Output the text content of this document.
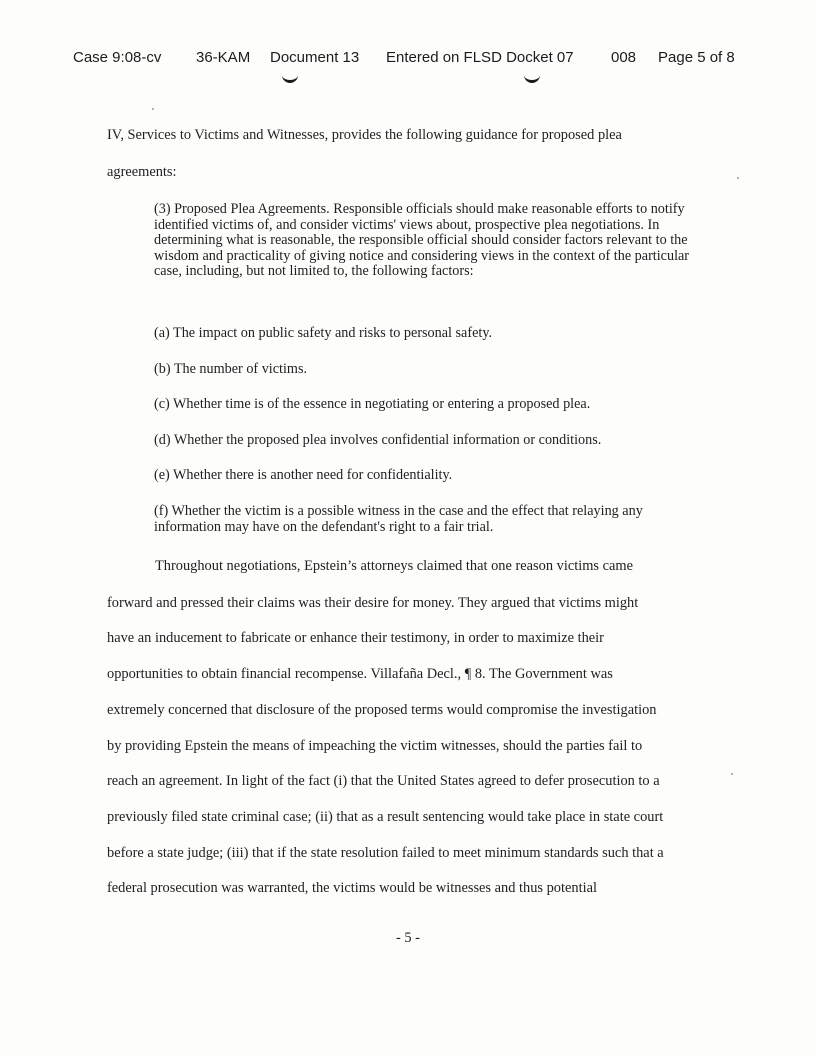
Case 9:08-cv 36-KAM Document 13 Entered on FLSD Docket 07 008 Page 5 of 8
IV, Services to Victims and Witnesses, provides the following guidance for proposed plea
agreements:
(3) Proposed Plea Agreements. Responsible officials should make reasonable efforts to notify identified victims of, and consider victims' views about, prospective plea negotiations. In determining what is reasonable, the responsible official should consider factors relevant to the wisdom and practicality of giving notice and considering views in the context of the particular case, including, but not limited to, the following factors:
(a) The impact on public safety and risks to personal safety.
(b) The number of victims.
(c) Whether time is of the essence in negotiating or entering a proposed plea.
(d) Whether the proposed plea involves confidential information or conditions.
(e) Whether there is another need for confidentiality.
(f) Whether the victim is a possible witness in the case and the effect that relaying any information may have on the defendant's right to a fair trial.
Throughout negotiations, Epstein’s attorneys claimed that one reason victims came
forward and pressed their claims was their desire for money. They argued that victims might
have an inducement to fabricate or enhance their testimony, in order to maximize their
opportunities to obtain financial recompense. Villafaña Decl., ¶ 8. The Government was
extremely concerned that disclosure of the proposed terms would compromise the investigation
by providing Epstein the means of impeaching the victim witnesses, should the parties fail to
reach an agreement. In light of the fact (i) that the United States agreed to defer prosecution to a
previously filed state criminal case; (ii) that as a result sentencing would take place in state court
before a state judge; (iii) that if the state resolution failed to meet minimum standards such that a
federal prosecution was warranted, the victims would be witnesses and thus potential
- 5 -
